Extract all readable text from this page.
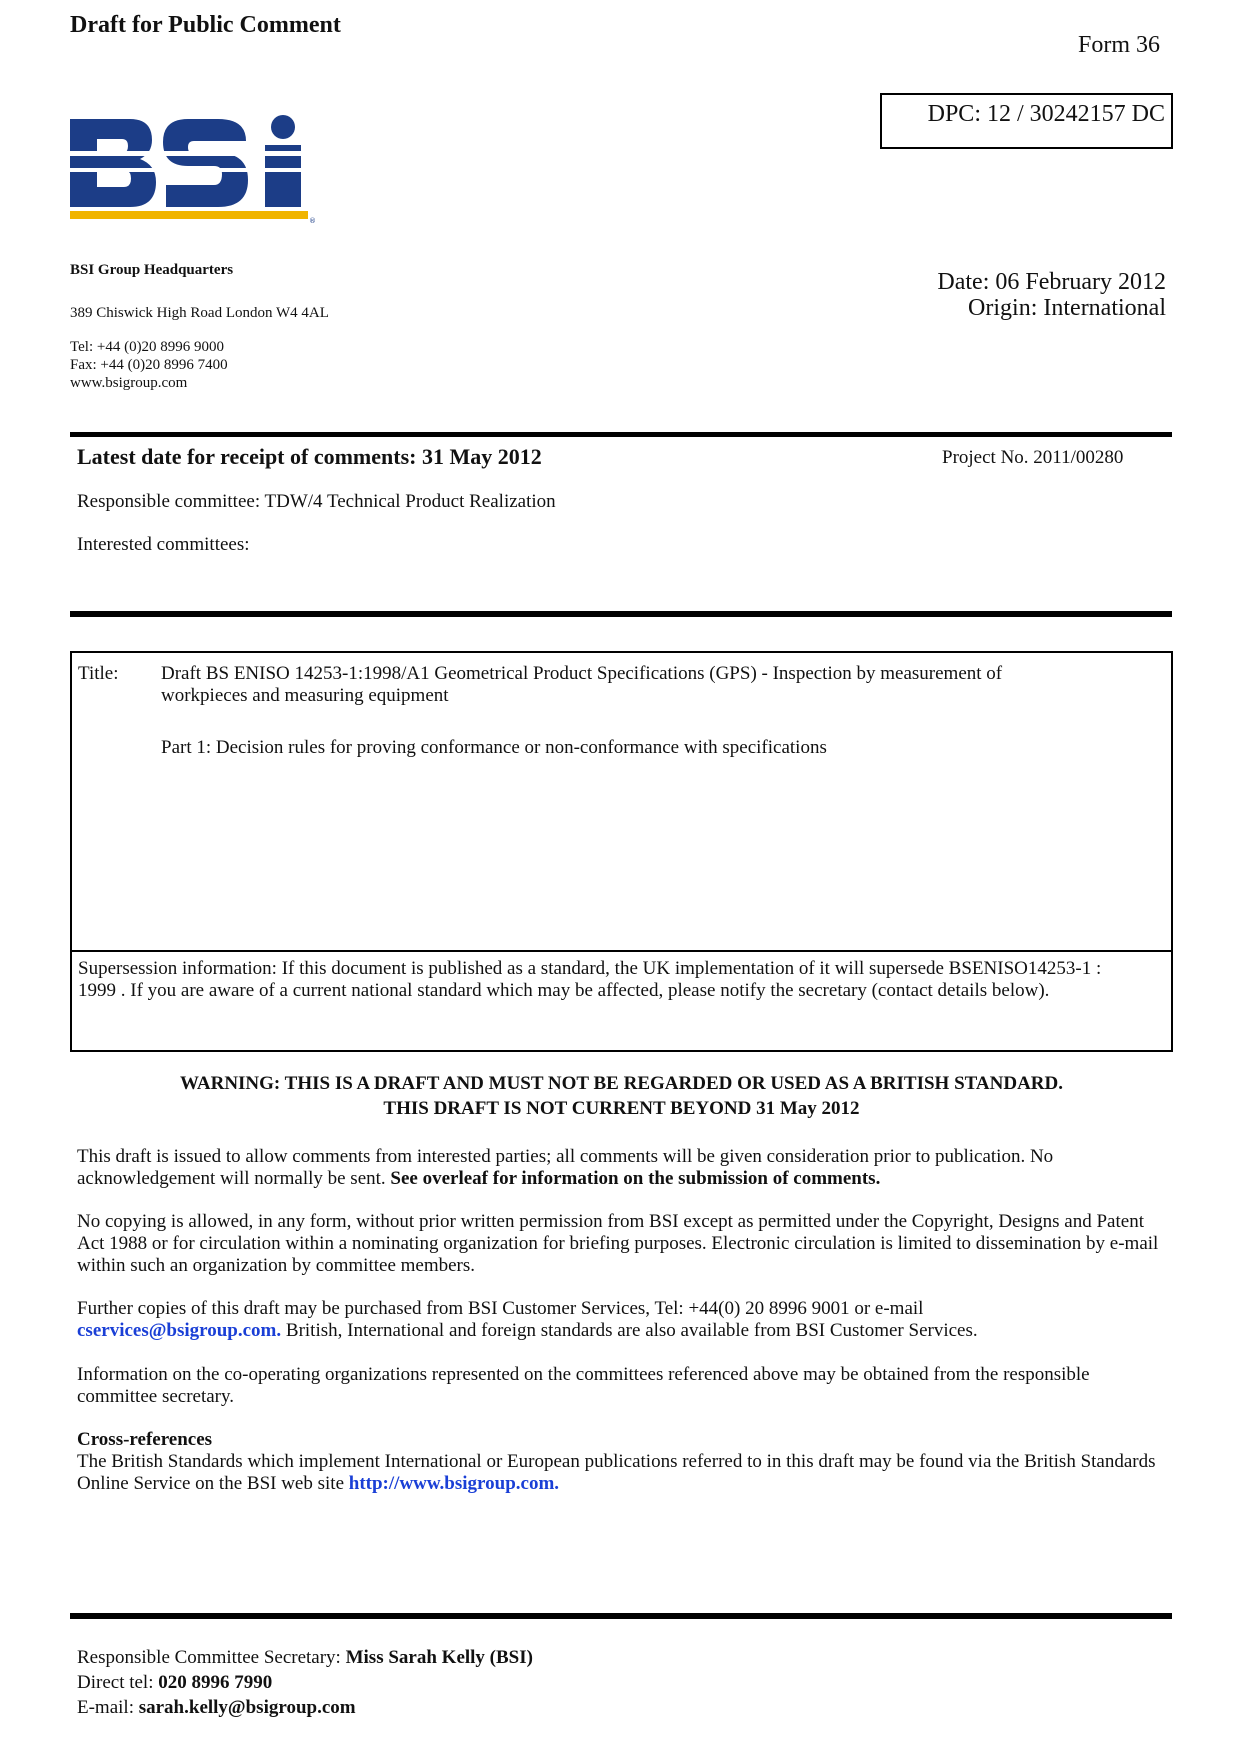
Draft for Public Comment
Form 36
DPC: 12 / 30242157 DC
®
BSI Group Headquarters
389 Chiswick High Road London W4 4AL
Tel: +44 (0)20 8996 9000
Fax: +44 (0)20 8996 7400
www.bsigroup.com
Date: 06 February 2012
Origin: International
Latest date for receipt of comments: 31 May 2012	Project No. 2011/00280
Responsible committee: TDW/4 Technical Product Realization
Interested committees:
Title: Draft BS ENISO 14253-1:1998/A1 Geometrical Product Specifications (GPS) - Inspection by measurement of

workpieces and measuring equipment

Part 1: Decision rules for proving conformance or non-conformance with specifications
Supersession information: If this document is published as a standard, the UK implementation of it will supersede BSENISO14253-1 : 1999 . If you are aware of a current national standard which may be affected, please notify the secretary (contact details below).
WARNING: THIS IS A DRAFT AND MUST NOT BE REGARDED OR USED AS A BRITISH STANDARD.
THIS DRAFT IS NOT CURRENT BEYOND 31 May 2012
This draft is issued to allow comments from interested parties; all comments will be given consideration prior to publication. No acknowledgement will normally be sent. See overleaf for information on the submission of comments.
No copying is allowed, in any form, without prior written permission from BSI except as permitted under the Copyright, Designs and Patent Act 1988 or for circulation within a nominating organization for briefing purposes. Electronic circulation is limited to dissemination by e-mail within such an organization by committee members.
Further copies of this draft may be purchased from BSI Customer Services, Tel: +44(0) 20 8996 9001 or e-mail
cservices@bsigroup.com. British, International and foreign standards are also available from BSI Customer Services.
Information on the co-operating organizations represented on the committees referenced above may be obtained from the responsible committee secretary.
Cross-references
The British Standards which implement International or European publications referred to in this draft may be found via the British Standards Online Service on the BSI web site http://www.bsigroup.com.
Responsible Committee Secretary: Miss Sarah Kelly (BSI)
Direct tel: 020 8996 7990
E-mail: sarah.kelly@bsigroup.com
